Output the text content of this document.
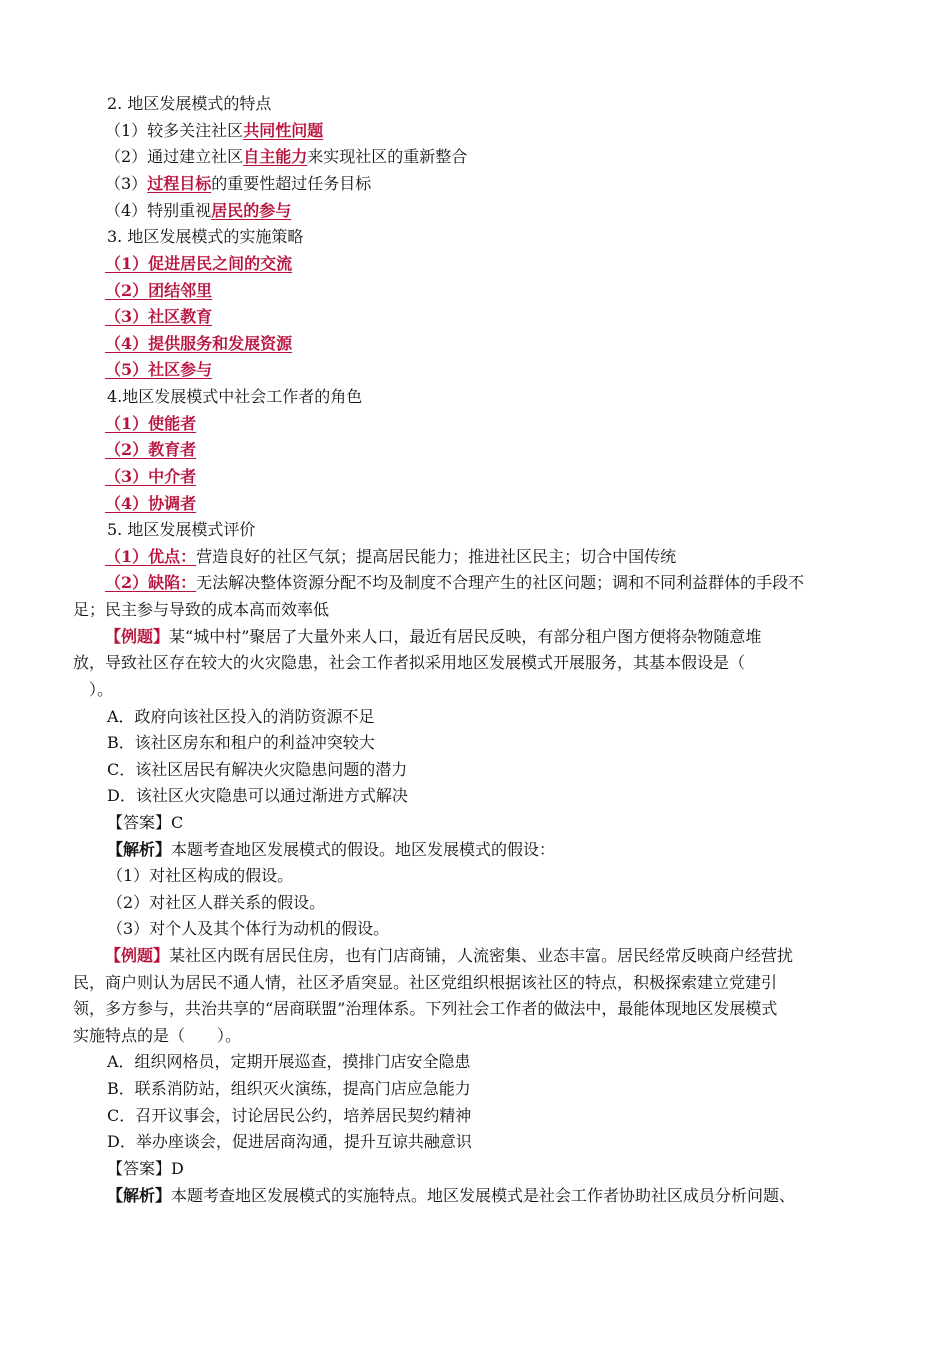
2. 地区发展模式的特点
（1）较多关注社区共同性问题
（2）通过建立社区自主能力来实现社区的重新整合
（3）过程目标的重要性超过任务目标
（4）特别重视居民的参与
3. 地区发展模式的实施策略
（1）促进居民之间的交流
（2）团结邻里
（3）社区教育
（4）提供服务和发展资源
（5）社区参与
4.地区发展模式中社会工作者的角色
（1）使能者
（2）教育者
（3）中介者
（4）协调者
5. 地区发展模式评价
（1）优点：营造良好的社区气氛；提高居民能力；推进社区民主；切合中国传统
（2）缺陷：无法解决整体资源分配不均及制度不合理产生的社区问题；调和不同利益群体的手段不
足；民主参与导致的成本高而效率低
【例题】某“城中村”聚居了大量外来人口，最近有居民反映，有部分租户图方便将杂物随意堆
放，导致社区存在较大的火灾隐患，社会工作者拟采用地区发展模式开展服务，其基本假设是（
）。
A．政府向该社区投入的消防资源不足
B．该社区房东和租户的利益冲突较大
C．该社区居民有解决火灾隐患问题的潜力
D．该社区火灾隐患可以通过渐进方式解决
【答案】C
【解析】本题考查地区发展模式的假设。地区发展模式的假设：
（1）对社区构成的假设。
（2）对社区人群关系的假设。
（3）对个人及其个体行为动机的假设。
【例题】某社区内既有居民住房，也有门店商铺，人流密集、业态丰富。居民经常反映商户经营扰
民，商户则认为居民不通人情，社区矛盾突显。社区党组织根据该社区的特点，积极探索建立党建引
领，多方参与，共治共享的“居商联盟”治理体系。下列社会工作者的做法中，最能体现地区发展模式
实施特点的是（　　）。
A．组织网格员，定期开展巡查，摸排门店安全隐患
B．联系消防站，组织灭火演练，提高门店应急能力
C．召开议事会，讨论居民公约，培养居民契约精神
D．举办座谈会，促进居商沟通，提升互谅共融意识
【答案】D
【解析】本题考查地区发展模式的实施特点。地区发展模式是社会工作者协助社区成员分析问题、
